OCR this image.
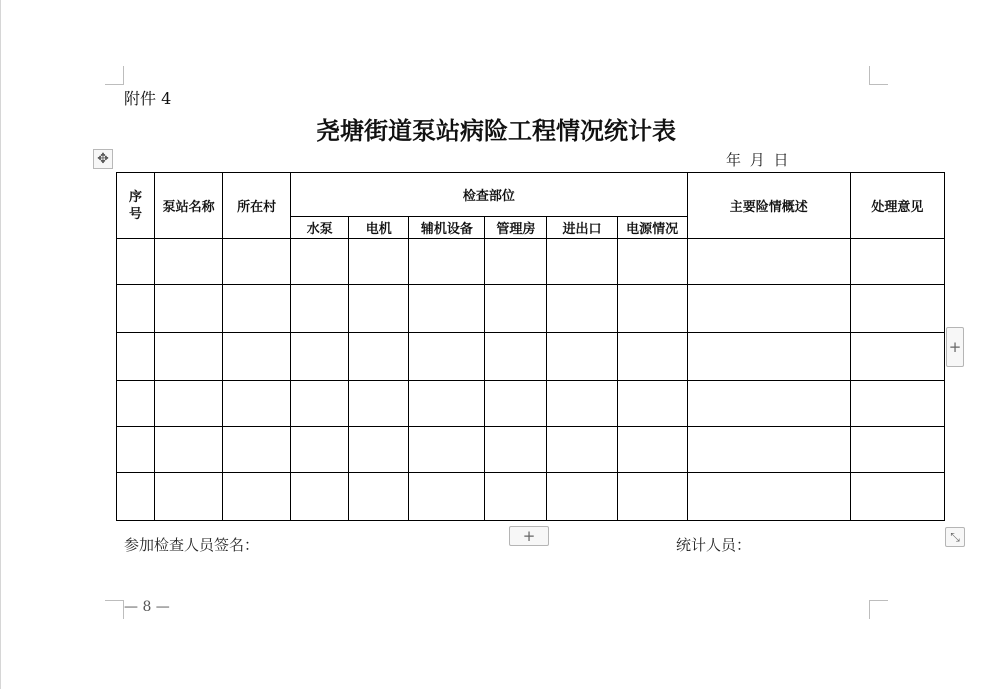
附件 4
尧塘街道泵站病险工程情况统计表
年 月 日
✥
序
号	泵站名称	所在村	检查部位						主要险情概述	处理意见
			水泵	电机	辅机设备	管理房	进出口	电源情况		

+
+	⤡
参加检查人员签名：	统计人员：
— 8 —
